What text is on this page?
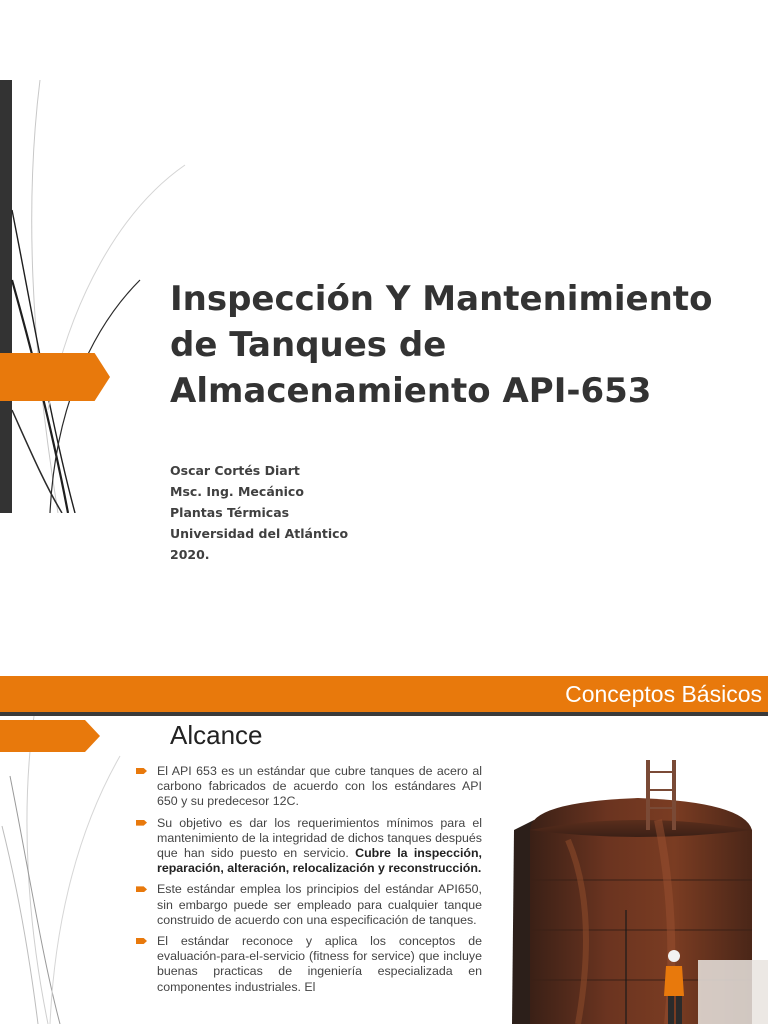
Inspección Y Mantenimiento
de Tanques de
Almacenamiento API-653
Oscar Cortés Diart
Msc. Ing. Mecánico
Plantas Térmicas
Universidad del Atlántico
2020.
Conceptos Básicos
Alcance
El API 653 es un estándar que cubre tanques de acero al carbono fabricados de acuerdo con los estándares API 650 y su predecesor 12C.
Su objetivo es dar los requerimientos mínimos para el mantenimiento de la integridad de dichos tanques después que han sido puesto en servicio. Cubre la inspección, reparación, alteración, relocalización y reconstrucción.
Este estándar emplea los principios del estándar API650, sin embargo puede ser empleado para cualquier tanque construido de acuerdo con una especificación de tanques.
El estándar reconoce y aplica los conceptos de evaluación-para-el-servicio (fitness for service) que incluye buenas practicas de ingeniería especializada en componentes industriales. El
